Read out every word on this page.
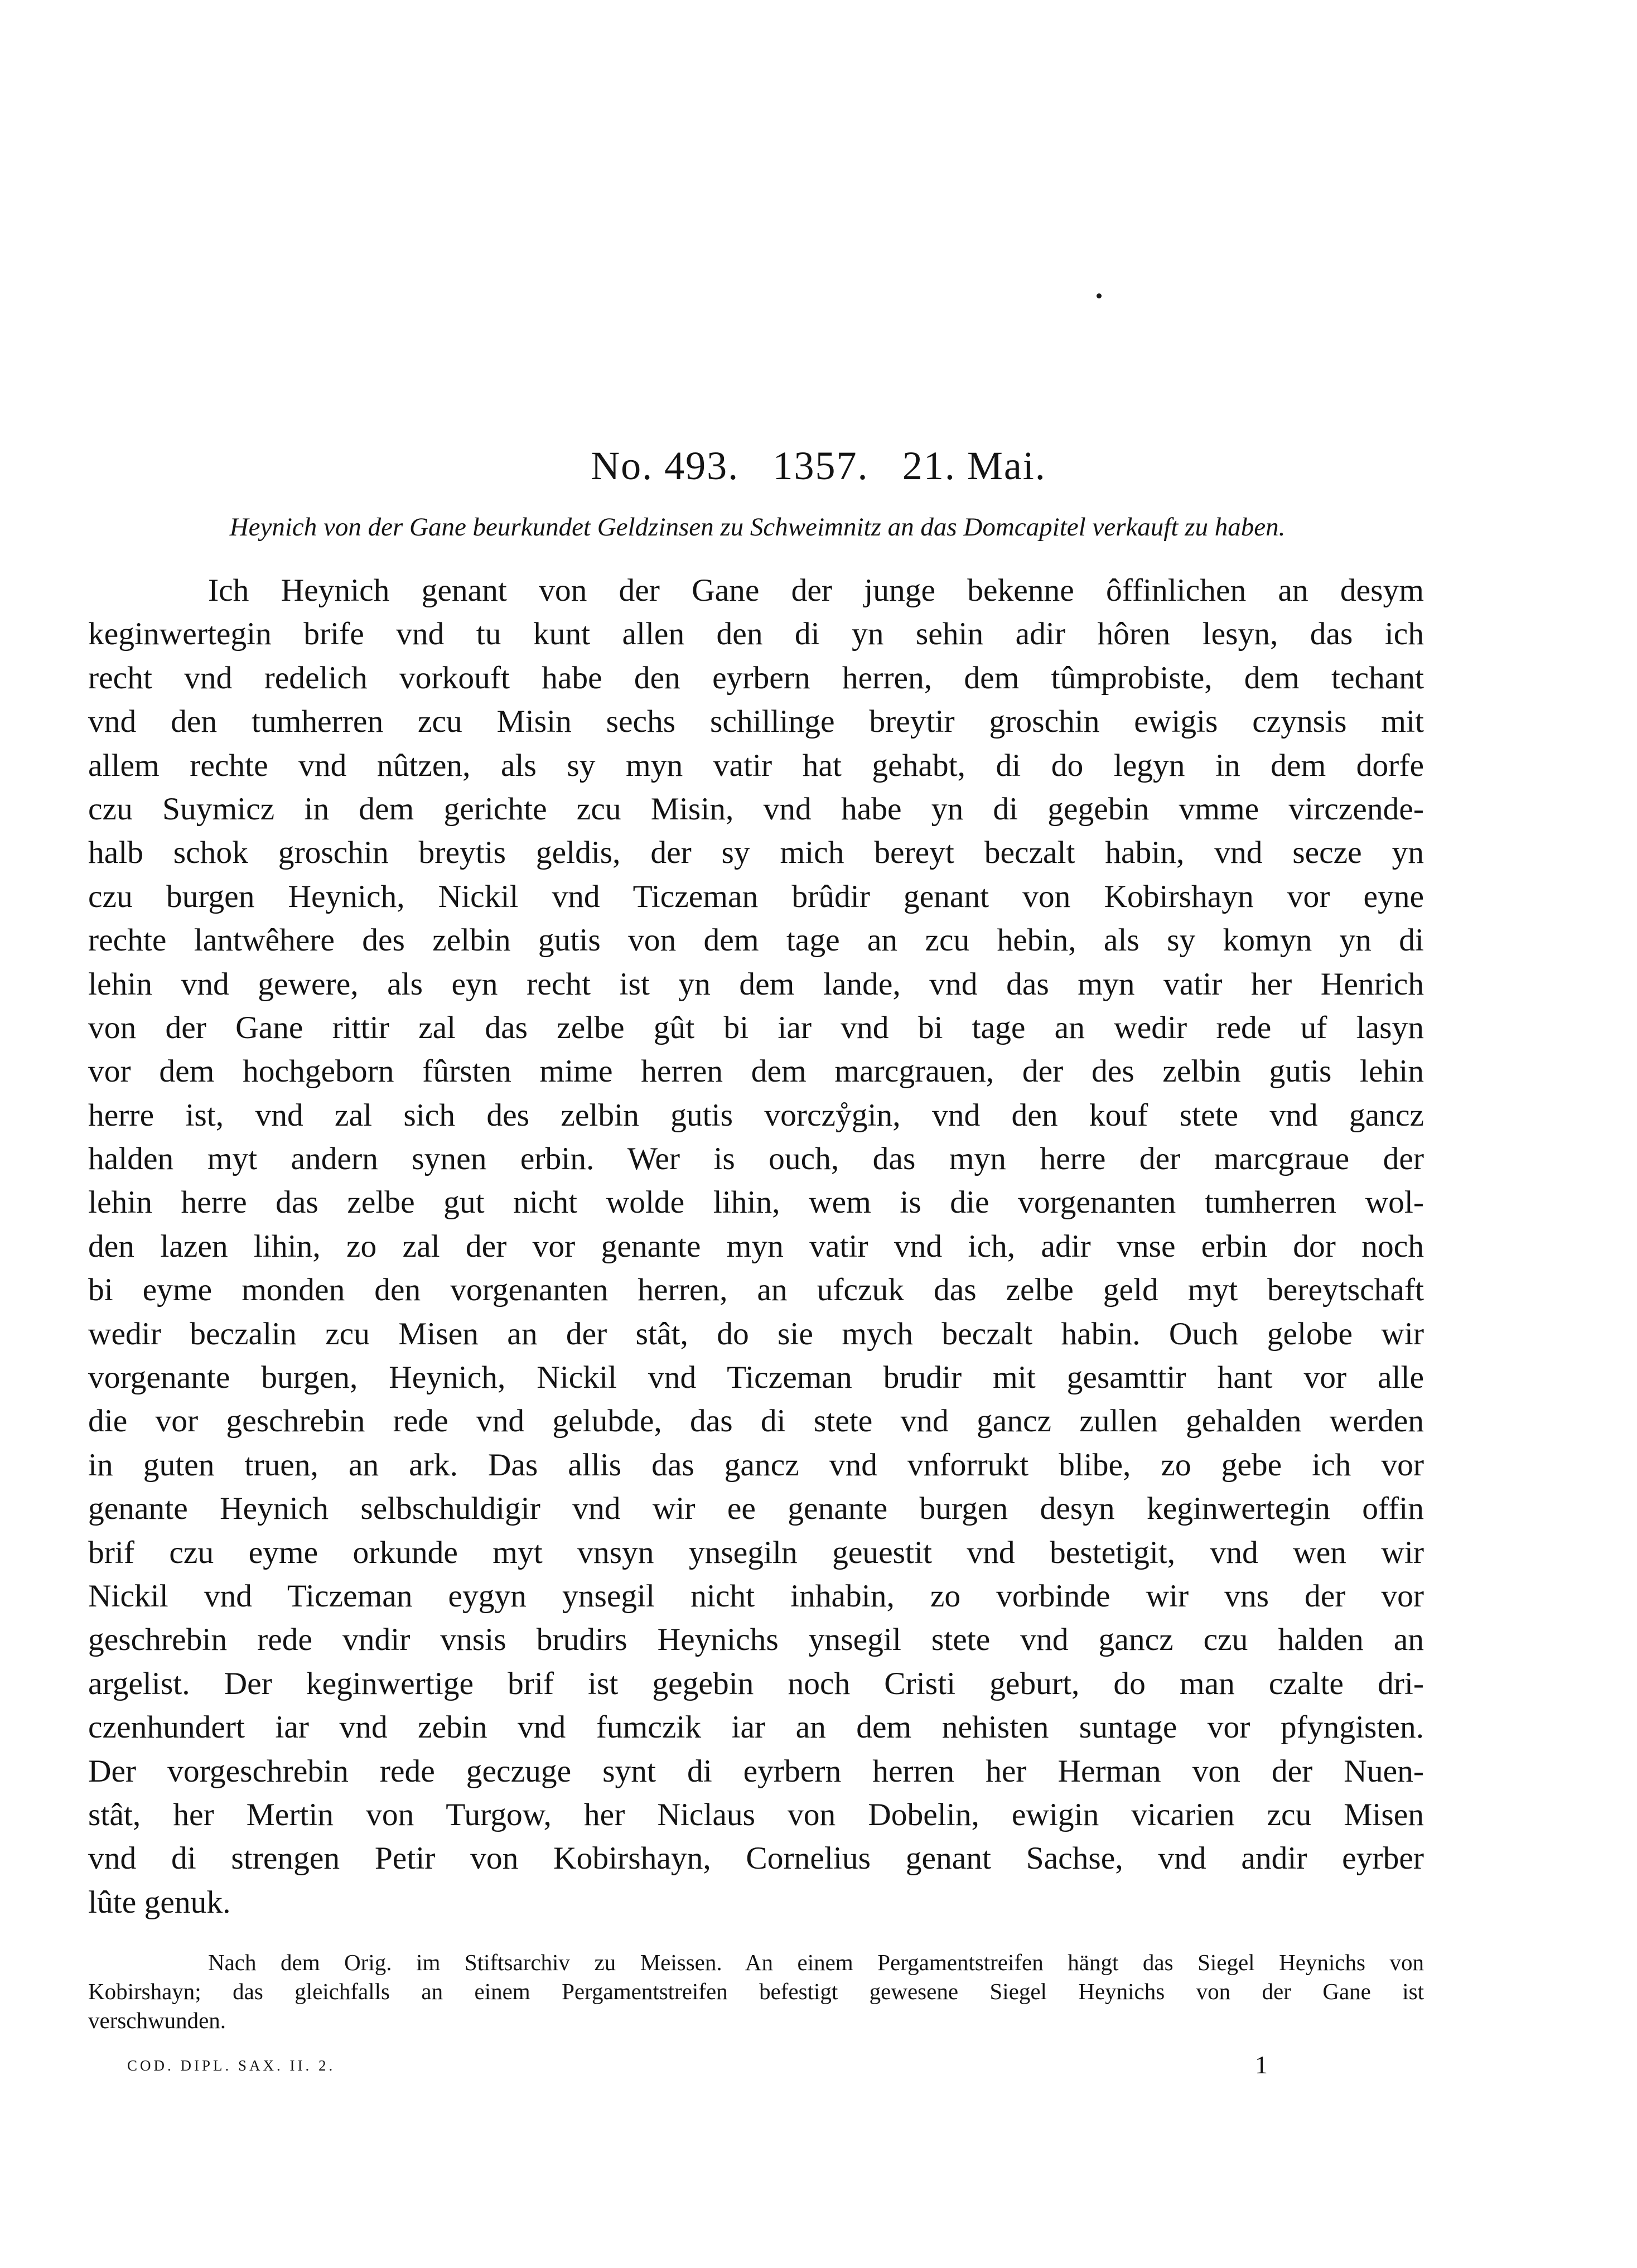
No. 493. 1357. 21. Mai.
Heynich von der Gane beurkundet Geldzinsen zu Schweimnitz an das Domcapitel verkauft zu haben.
Ich Heynich genant von der Gane der junge bekenne ôffinlichen an desym
keginwertegin brife vnd tu kunt allen den di yn sehin adir hôren lesyn, das ich
recht vnd redelich vorkouft habe den eyrbern herren, dem tûmprobiste, dem techant
vnd den tumherren zcu Misin sechs schillinge breytir groschin ewigis czynsis mit
allem rechte vnd nûtzen, als sy myn vatir hat gehabt, di do legyn in dem dorfe
czu Suymicz in dem gerichte zcu Misin, vnd habe yn di gegebin vmme virczende-
halb schok groschin breytis geldis, der sy mich bereyt beczalt habin, vnd secze yn
czu burgen Heynich, Nickil vnd Ticzeman brûdir genant von Kobirshayn vor eyne
rechte lantwêhere des zelbin gutis von dem tage an zcu hebin, als sy komyn yn di
lehin vnd gewere, als eyn recht ist yn dem lande, vnd das myn vatir her Henrich
von der Gane rittir zal das zelbe gût bi iar vnd bi tage an wedir rede uf lasyn
vor dem hochgeborn fûrsten mime herren dem marcgrauen, der des zelbin gutis lehin
herre ist, vnd zal sich des zelbin gutis vorczẙgin, vnd den kouf stete vnd gancz
halden myt andern synen erbin. Wer is ouch, das myn herre der marcgraue der
lehin herre das zelbe gut nicht wolde lihin, wem is die vorgenanten tumherren wol-
den lazen lihin, zo zal der vor genante myn vatir vnd ich, adir vnse erbin dor noch
bi eyme monden den vorgenanten herren, an ufczuk das zelbe geld myt bereytschaft
wedir beczalin zcu Misen an der stât, do sie mych beczalt habin. Ouch gelobe wir
vorgenante burgen, Heynich, Nickil vnd Ticzeman brudir mit gesamttir hant vor alle
die vor geschrebin rede vnd gelubde, das di stete vnd gancz zullen gehalden werden
in guten truen, an ark. Das allis das gancz vnd vnforrukt blibe, zo gebe ich vor
genante Heynich selbschuldigir vnd wir ee genante burgen desyn keginwertegin offin
brif czu eyme orkunde myt vnsyn ynsegiln geuestit vnd bestetigit, vnd wen wir
Nickil vnd Ticzeman eygyn ynsegil nicht inhabin, zo vorbinde wir vns der vor
geschrebin rede vndir vnsis brudirs Heynichs ynsegil stete vnd gancz czu halden an
argelist. Der keginwertige brif ist gegebin noch Cristi geburt, do man czalte dri-
czenhundert iar vnd zebin vnd fumczik iar an dem nehisten suntage vor pfyngisten.
Der vorgeschrebin rede geczuge synt di eyrbern herren her Herman von der Nuen-
stât, her Mertin von Turgow, her Niclaus von Dobelin, ewigin vicarien zcu Misen
vnd di strengen Petir von Kobirshayn, Cornelius genant Sachse, vnd andir eyrber
lûte genuk.
Nach dem Orig. im Stiftsarchiv zu Meissen. An einem Pergamentstreifen hängt das Siegel Heynichs von
Kobirshayn; das gleichfalls an einem Pergamentstreifen befestigt gewesene Siegel Heynichs von der Gane ist
verschwunden.
COD. DIPL. SAX. II. 2.	1
